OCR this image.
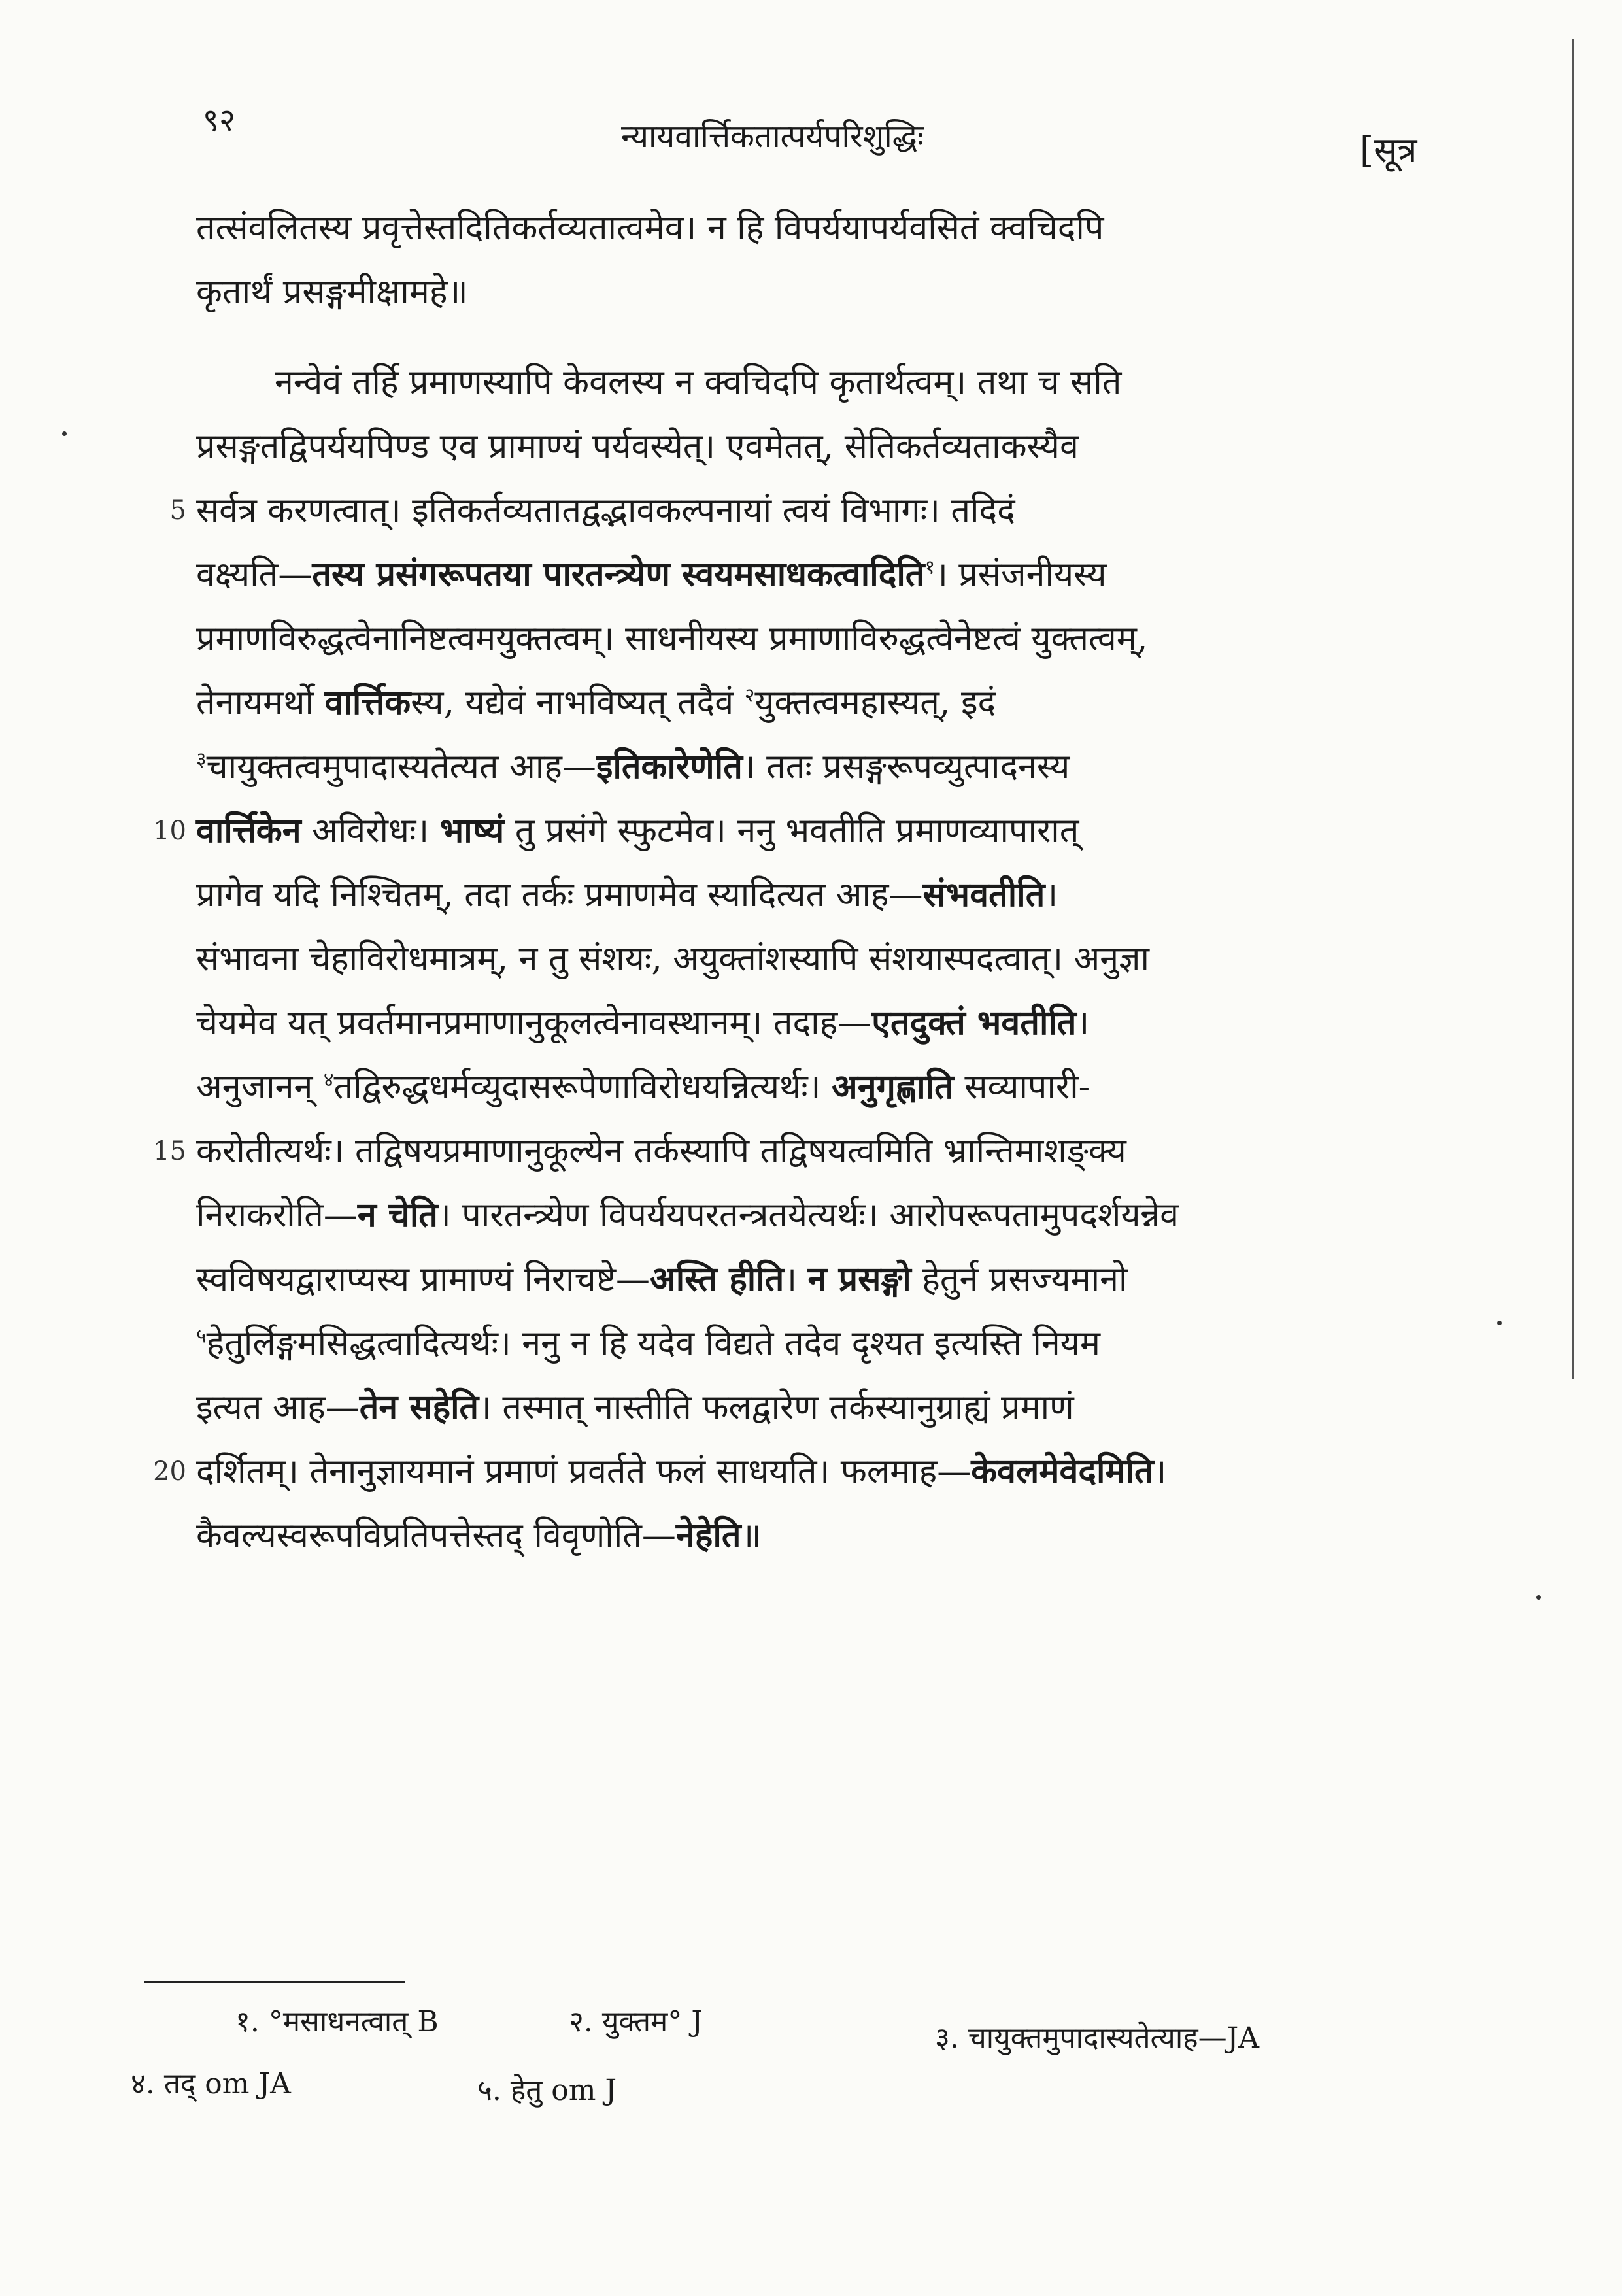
९२	न्यायवार्त्तिकतात्पर्यपरिशुद्धिः	[सूत्र
तत्संवलितस्य प्रवृत्तेस्तदितिकर्तव्यतात्वमेव। न हि विपर्ययापर्यवसितं क्वचिदपि
कृतार्थं प्रसङ्गमीक्षामहे॥
नन्वेवं तर्हि प्रमाणस्यापि केवलस्य न क्वचिदपि कृतार्थत्वम्। तथा च सति
प्रसङ्गतद्विपर्ययपिण्ड एव प्रामाण्यं पर्यवस्येत्। एवमेतत्, सेतिकर्तव्यताकस्यैव
5 सर्वत्र करणत्वात्। इतिकर्तव्यतातद्वद्भावकल्पनायां त्वयं विभागः। तदिदं
वक्ष्यति—तस्य प्रसंगरूपतया पारतन्त्र्येण स्वयमसाधकत्वादिति$^१$। प्रसंजनीयस्य
प्रमाणविरुद्धत्वेनानिष्टत्वमयुक्तत्वम्। साधनीयस्य प्रमाणाविरुद्धत्वेनेष्टत्वं युक्तत्वम्,
तेनायमर्थो वार्त्तिकस्य, यद्येवं नाभविष्यत् तदैवं $^२$युक्तत्वमहास्यत्, इदं
$^३$चायुक्तत्वमुपादास्यतेत्यत आह—इतिकारेणेति। ततः प्रसङ्गरूपव्युत्पादनस्य
10 वार्त्तिकेन अविरोधः। भाष्यं तु प्रसंगे स्फुटमेव। ननु भवतीति प्रमाणव्यापारात्
प्रागेव यदि निश्चितम्, तदा तर्कः प्रमाणमेव स्यादित्यत आह—संभवतीति।
संभावना चेहाविरोधमात्रम्, न तु संशयः, अयुक्तांशस्यापि संशयास्पदत्वात्। अनुज्ञा
चेयमेव यत् प्रवर्तमानप्रमाणानुकूलत्वेनावस्थानम्। तदाह—एतदुक्तं भवतीति।
अनुजानन् $^४$तद्विरुद्धधर्मव्युदासरूपेणाविरोधयन्नित्यर्थः। अनुगृह्णाति सव्यापारी-
15 करोतीत्यर्थः। तद्विषयप्रमाणानुकूल्येन तर्कस्यापि तद्विषयत्वमिति भ्रान्तिमाशङ्क्य
निराकरोति—न चेति। पारतन्त्र्येण विपर्ययपरतन्त्रतयेत्यर्थः। आरोपरूपतामुपदर्शयन्नेव
स्वविषयद्वाराप्यस्य प्रामाण्यं निराचष्टे—अस्ति हीति। न प्रसङ्गो हेतुर्न प्रसज्यमानो
$^५$हेतुर्लिङ्गमसिद्धत्वादित्यर्थः। ननु न हि यदेव विद्यते तदेव दृश्यत इत्यस्ति नियम
इत्यत आह—तेन सहेति। तस्मात् नास्तीति फलद्वारेण तर्कस्यानुग्राह्यं प्रमाणं
20 दर्शितम्। तेनानुज्ञायमानं प्रमाणं प्रवर्तते फलं साधयति। फलमाह—केवलमेवेदमिति।
कैवल्यस्वरूपविप्रतिपत्तेस्तद् विवृणोति—नेहेति॥
१. °मसाधनत्वात् B	२. युक्तम° J	३. चायुक्तमुपादास्यतेत्याह—JA
४. तद् om JA	५. हेतु om J
